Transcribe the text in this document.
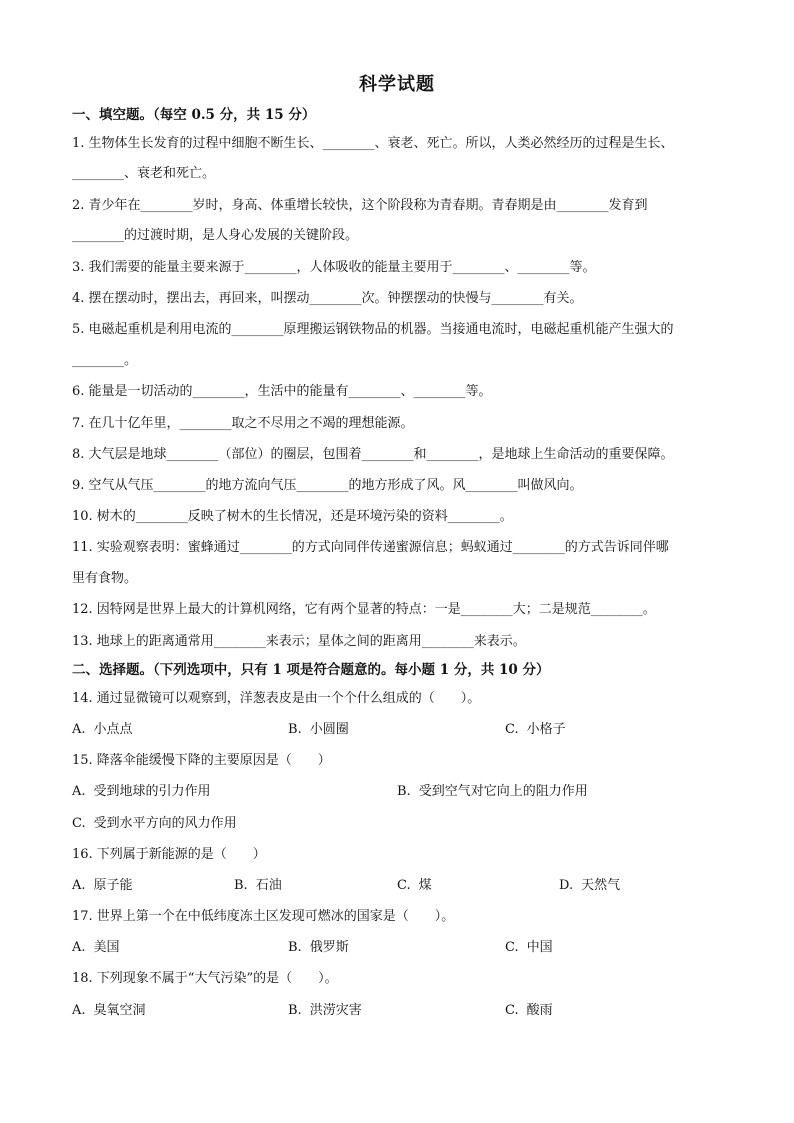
科学试题
一、填空题。（每空 0.5 分，共 15 分）
1. 生物体生长发育的过程中细胞不断生长、________、衰老、死亡。所以，人类必然经历的过程是生长、
________、衰老和死亡。
2. 青少年在________岁时，身高、体重增长较快，这个阶段称为青春期。青春期是由________发育到
________的过渡时期，是人身心发展的关键阶段。
3. 我们需要的能量主要来源于________，人体吸收的能量主要用于________、________等。
4. 摆在摆动时，摆出去，再回来，叫摆动________次。钟摆摆动的快慢与________有关。
5. 电磁起重机是利用电流的________原理搬运钢铁物品的机器。当接通电流时，电磁起重机能产生强大的
________。
6. 能量是一切活动的________，生活中的能量有________、________等。
7. 在几十亿年里，________取之不尽用之不竭的理想能源。
8. 大气层是地球________（部位）的圈层，包围着________和________，是地球上生命活动的重要保障。
9. 空气从气压________的地方流向气压________的地方形成了风。风________叫做风向。
10. 树木的________反映了树木的生长情况，还是环境污染的资料________。
11. 实验观察表明：蜜蜂通过________的方式向同伴传递蜜源信息；蚂蚁通过________的方式告诉同伴哪
里有食物。
12. 因特网是世界上最大的计算机网络，它有两个显著的特点：一是________大；二是规范________。
13. 地球上的距离通常用________来表示；星体之间的距离用________来表示。
二、选择题。（下列选项中，只有 1 项是符合题意的。每小题 1 分，共 10 分）
14. 通过显微镜可以观察到，洋葱表皮是由一个个什么组成的（　　）。
A. 小点点	B. 小圆圈	C. 小格子
15. 降落伞能缓慢下降的主要原因是（　　）
A. 受到地球的引力作用	B. 受到空气对它向上的阻力作用
C. 受到水平方向的风力作用
16. 下列属于新能源的是（　　）
A. 原子能	B. 石油	C. 煤	D. 天然气
17. 世界上第一个在中低纬度冻土区发现可燃冰的国家是（　　）。
A. 美国	B. 俄罗斯	C. 中国
18. 下列现象不属于“大气污染”的是（　　）。
A. 臭氧空洞	B. 洪涝灾害	C. 酸雨
